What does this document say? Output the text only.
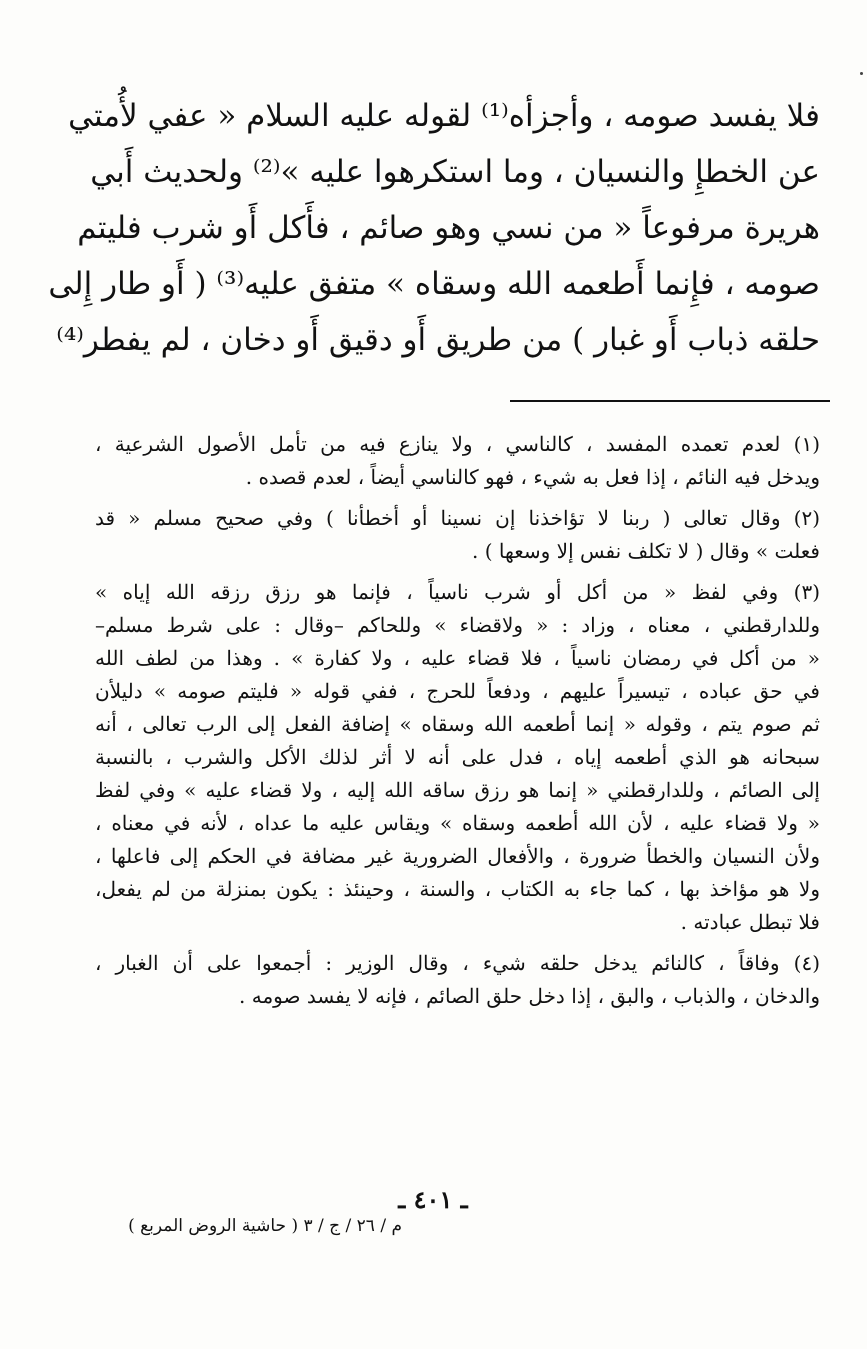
فلا يفسد صومه ، وأجزأه⁽¹⁾ لقوله عليه السلام « عفي لأُمتي
عن الخطإِ والنسيان ، وما استكرهوا عليه »⁽²⁾ ولحديث أَبي
هريرة مرفوعاً « من نسي وهو صائم ، فأَكل أَو شرب فليتم
صومه ، فإِنما أَطعمه الله وسقاه » متفق عليه⁽³⁾ ( أَو طار إِلى
حلقه ذباب أَو غبار ) من طريق أَو دقيق أَو دخان ، لم يفطر⁽⁴⁾
(١) لعدم تعمده المفسد ، كالناسي ، ولا ينازع فيه من تأمل الأصول الشرعية ،
ويدخل فيه النائم ، إذا فعل به شيء ، فهو كالناسي أيضاً ، لعدم قصده .
(٢) وقال تعالى ( ربنا لا تؤاخذنا إن نسينا أو أخطأنا ) وفي صحيح مسلم « قد
فعلت » وقال ( لا تكلف نفس إلا وسعها ) .
(٣) وفي لفظ « من أكل أو شرب ناسياً ، فإنما هو رزق رزقه الله إياه »
وللدارقطني ، معناه ، وزاد : « ولاقضاء » وللحاكم –وقال : على شرط مسلم–
« من أكل في رمضان ناسياً ، فلا قضاء عليه ، ولا كفارة » . وهذا من لطف الله
في حق عباده ، تيسيراً عليهم ، ودفعاً للحرج ، ففي قوله « فليتم صومه » دليلأن
ثم صوم يتم ، وقوله « إنما أطعمه الله وسقاه » إضافة الفعل إلى الرب تعالى ، أنه
سبحانه هو الذي أطعمه إياه ، فدل على أنه لا أثر لذلك الأكل والشرب ، بالنسبة
إلى الصائم ، وللدارقطني « إنما هو رزق ساقه الله إليه ، ولا قضاء عليه » وفي لفظ
« ولا قضاء عليه ، لأن الله أطعمه وسقاه » ويقاس عليه ما عداه ، لأنه في معناه ،
ولأن النسيان والخطأ ضرورة ، والأفعال الضرورية غير مضافة في الحكم إلى فاعلها ،
ولا هو مؤاخذ بها ، كما جاء به الكتاب ، والسنة ، وحينئذ : يكون بمنزلة من لم يفعل،
فلا تبطل عبادته .
(٤) وفاقاً ، كالنائم يدخل حلقه شيء ، وقال الوزير : أجمعوا على أن الغبار ،
والدخان ، والذباب ، والبق ، إذا دخل حلق الصائم ، فإنه لا يفسد صومه .
ـ ٤٠١ ـ
م / ٢٦ / ج / ٣ ( حاشية الروض المربع )
